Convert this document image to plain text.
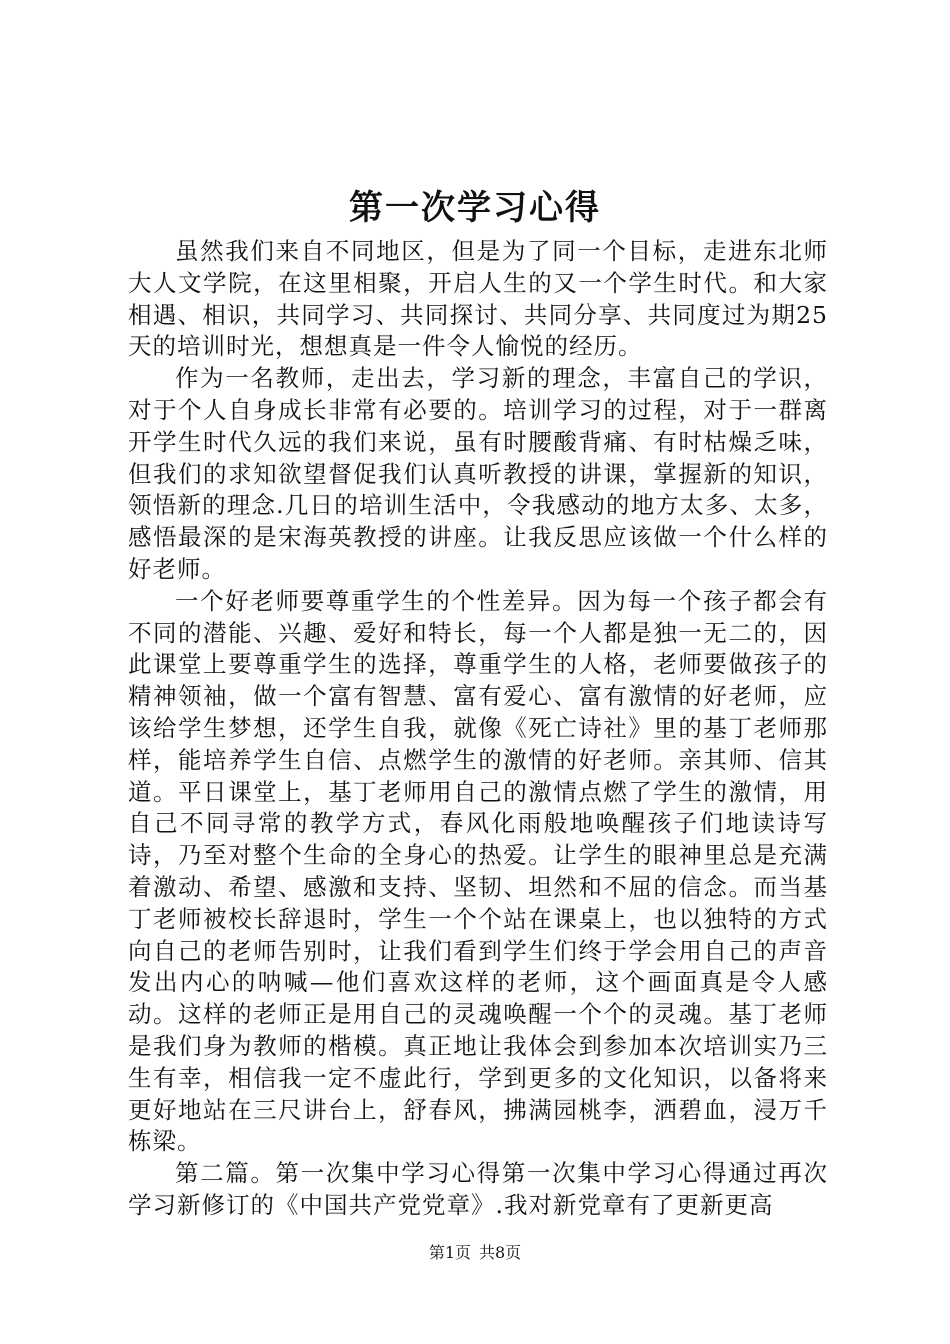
第一次学习心得

虽然我们来自不同地区，但是为了同一个目标，走进东北师大人文学院，在这里相聚，开启人生的又一个学生时代。和大家相遇、相识，共同学习、共同探讨、共同分享、共同度过为期25天的培训时光，想想真是一件令人愉悦的经历。

作为一名教师，走出去，学习新的理念，丰富自己的学识，对于个人自身成长非常有必要的。培训学习的过程，对于一群离开学生时代久远的我们来说，虽有时腰酸背痛、有时枯燥乏味，但我们的求知欲望督促我们认真听教授的讲课，掌握新的知识，领悟新的理念.几日的培训生活中，令我感动的地方太多、太多，感悟最深的是宋海英教授的讲座。让我反思应该做一个什么样的好老师。

一个好老师要尊重学生的个性差异。因为每一个孩子都会有不同的潜能、兴趣、爱好和特长，每一个人都是独一无二的，因此课堂上要尊重学生的选择，尊重学生的人格，老师要做孩子的精神领袖，做一个富有智慧、富有爱心、富有激情的好老师，应该给学生梦想，还学生自我，就像《死亡诗社》里的基丁老师那样，能培养学生自信、点燃学生的激情的好老师。亲其师、信其道。平日课堂上，基丁老师用自己的激情点燃了学生的激情，用自己不同寻常的教学方式，春风化雨般地唤醒孩子们地读诗写诗，乃至对整个生命的全身心的热爱。让学生的眼神里总是充满着激动、希望、感激和支持、坚韧、坦然和不屈的信念。而当基丁老师被校长辞退时，学生一个个站在课桌上，也以独特的方式向自己的老师告别时，让我们看到学生们终于学会用自己的声音发出内心的呐喊—他们喜欢这样的老师，这个画面真是令人感动。这样的老师正是用自己的灵魂唤醒一个个的灵魂。基丁老师是我们身为教师的楷模。真正地让我体会到参加本次培训实乃三生有幸，相信我一定不虚此行，学到更多的文化知识，以备将来更好地站在三尺讲台上，舒春风，拂满园桃李，洒碧血，浸万千栋梁。

第二篇。第一次集中学习心得第一次集中学习心得通过再次学习新修订的《中国共产党党章》.我对新党章有了更新更高

第1页 共8页
